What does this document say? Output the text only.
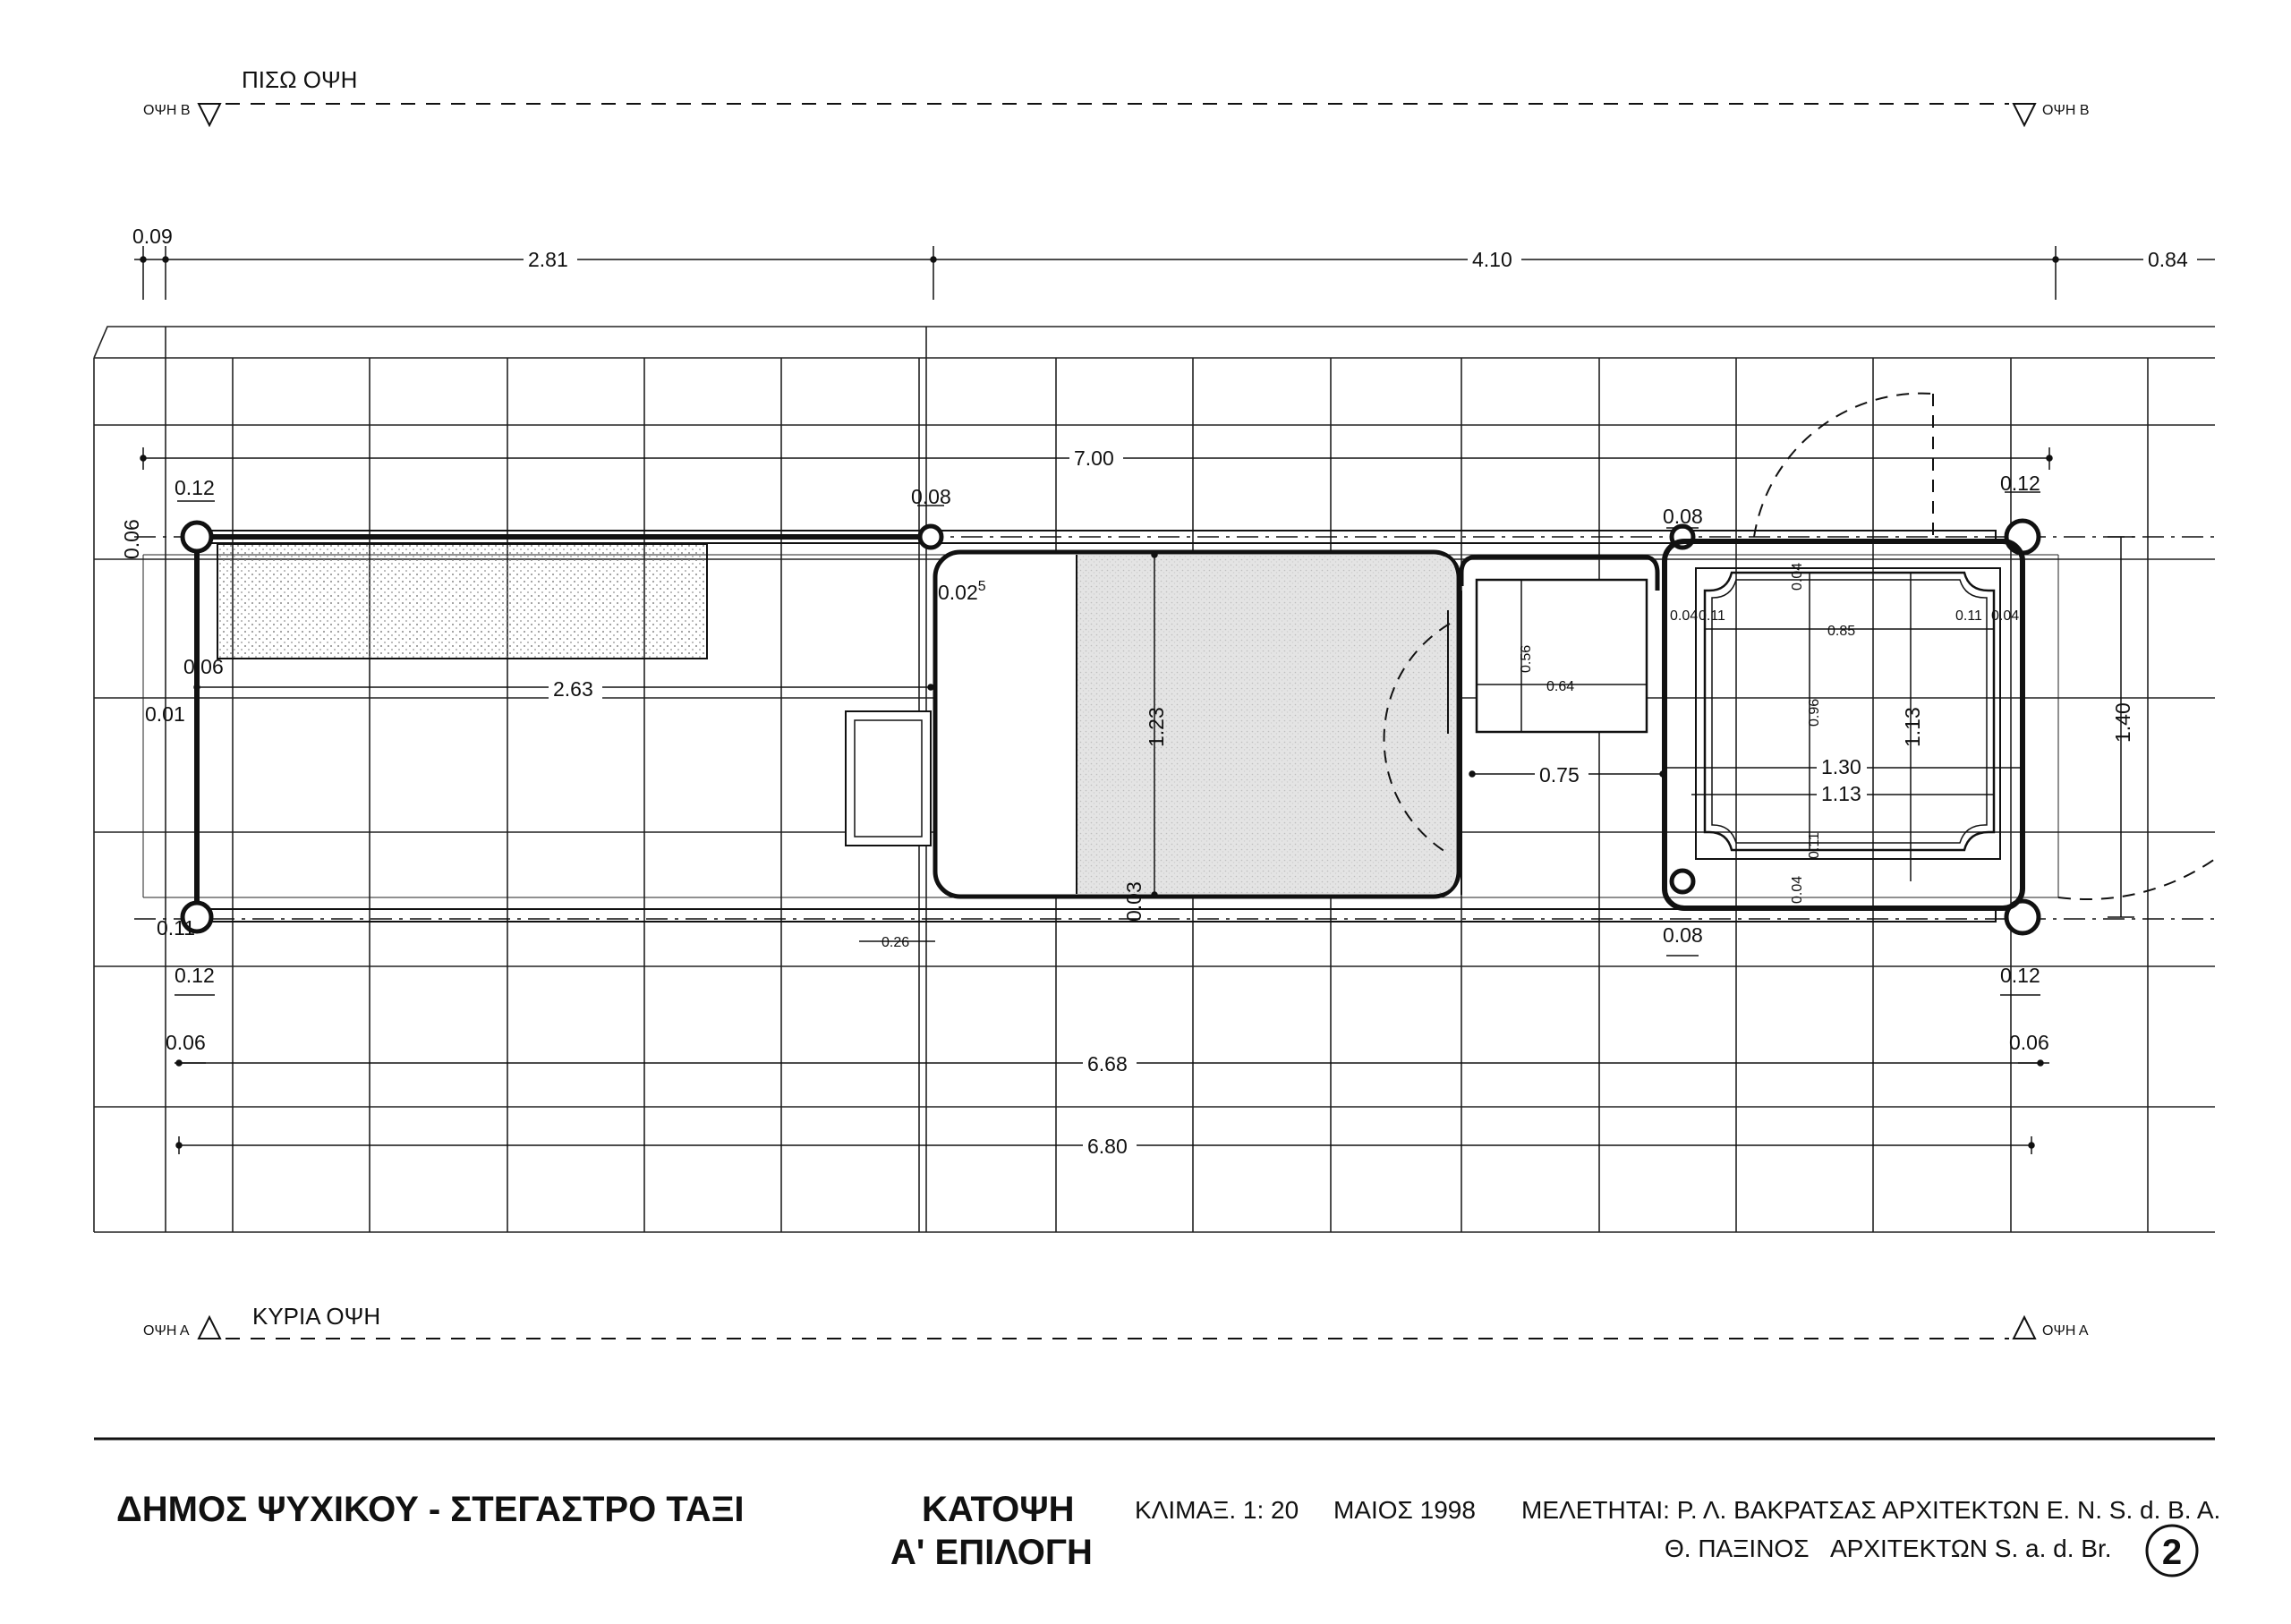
ΠΙΣΩ ΟΨΗ
ΟΨΗ Β	ΟΨΗ Β
ΚΥΡΙΑ ΟΨΗ
ΟΨΗ Α	ΟΨΗ Α
0.09
2.81	4.10	0.84
7.00
0.12	0.08
0.08
0.12
0.06
0.02$^5$
0.06
2.63
0.01	1.23
0.03
0.26
0.11	0.08
0.56
0.64
0.75	1.30
1.13
1.13
0.96
0.85
0.11	0.11
0.11
0.04	0.04
0.04
0.04
1.40
0.12
0.06
0.12
0.06
6.68
6.80
ΔΗΜΟΣ ΨΥΧΙΚΟΥ - ΣΤΕΓΑΣΤΡΟ ΤΑΞΙ	ΚΑΤΟΨΗ
Α' ΕΠΙΛΟΓΗ
ΚΛΙΜΑΞ. 1: 20 ΜΑΙΟΣ 1998 ΜΕΛΕΤΗΤΑΙ: Ρ. Λ. ΒΑΚΡΑΤΣΑΣ ΑΡΧΙΤΕΚΤΩΝ Ε. Ν. S. d. B. A.
Θ. ΠΑΞΙΝΟΣ ΑΡΧΙΤΕΚΤΩΝ S. a. d. Br. 2
